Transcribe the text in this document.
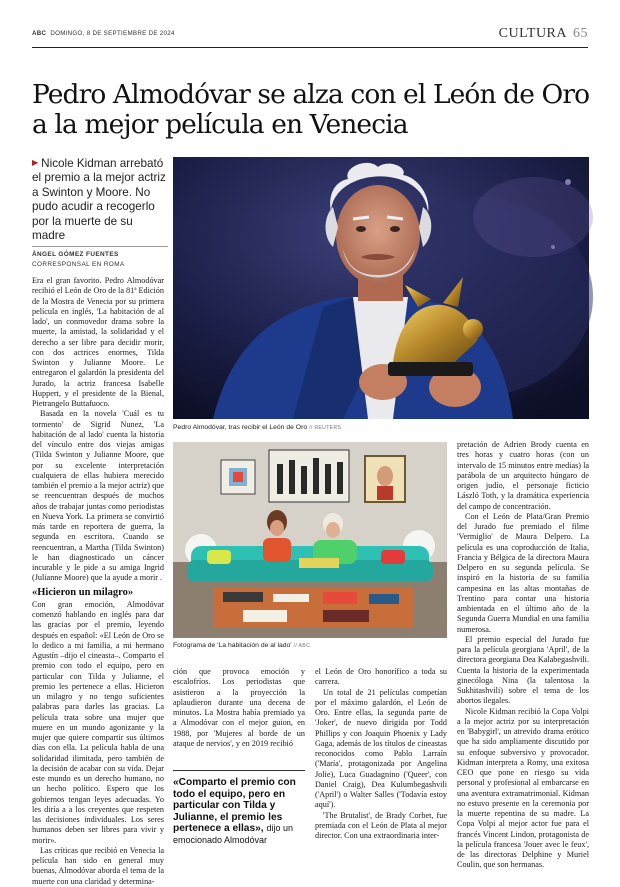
ABC DOMINGO, 8 DE SEPTIEMBRE DE 2024	CULTURA 65
Pedro Almodóvar se alza con el León de Oro a la mejor película en Venecia
▶ Nicole Kidman arrebató el premio a la mejor actriz a Swinton y Moore. No pudo acudir a recogerlo por la muerte de su madre
ÁNGEL GÓMEZ FUENTES
CORRESPONSAL EN ROMA

Era el gran favorito. Pedro Almodóvar recibió el León de Oro de la 81ª Edición de la Mostra de Venecia por su primera película en inglés, 'La habitación de al lado', un conmovedor drama sobre la muerte, la amistad, la solidaridad y el derecho a ser libre para decidir morir, con dos actrices enormes, Tilda Swinton y Julianne Moore. Le entregaron el galardón la presidenta del Jurado, la actriz francesa Isabelle Huppert, y el presidente de la Bienal, Pietrangelo Buttafuoco.

Basada en la novela 'Cuál es tu tormento' de Sigrid Nunez, 'La habitación de al lado' cuenta la historia del vínculo entre dos viejas amigas (Tilda Swinton y Julianne Moore, que por su excelente interpretación cualquiera de ellas hubiera merecido también el premio a la mejor actriz) que se reencuentran después de muchos años de trabajar juntas como periodistas en Nueva York. La primera se convirtió más tarde en reportera de guerra, la segunda en escritora. Cuando se reencuentran, a Martha (Tilda Swinton) le han diagnosticado un cáncer incurable y le pide a su amiga Ingrid (Julianne Moore) que la ayude a morir .

«Hicieron un milagro»

Con gran emoción, Almodóvar comenzó hablando en inglés para dar las gracias por el premio, leyendo después en español: «El León de Oro se lo dedico a mi familia, a mi hermano Agustín –dijo el cineasta–. Comparto el premio con todo el equipo, pero en particular con Tilda y Julianne, el premio les pertenece a ellas. Hicieron un milagro y no tengo suficientes palabras para darles las gracias. La película trata sobre una mujer que muere en un mundo agonizante y la mujer que quiere compartir sus últimos días con ella. La película habla de una solidaridad ilimitada, pero también de la decisión de acabar con su vida. Dejar este mundo es un derecho humano, no un hecho político. Espero que los gobiernos tengan leyes adecuadas. Yo les diría a a los creyentes que respeten las decisiones individuales. Los seres humanos deben ser libres para vivir y morir».

Las críticas que recibió en Venecia la película han sido en general muy buenas, Almodóvar aborda el tema de la muerte con una claridad y determina-

Pedro Almodóvar, tras recibir el León de Oro // REUTERS
Fotograma de 'La habitación de al lado' // ABC

ción que provoca emoción y escalofríos. Los periodistas que asistieron a la proyección la aplaudieron durante una decena de minutos. La Mostra había premiado ya a Almodóvar con el mejor guion, en 1988, por 'Mujeres al borde de un ataque de nervios', y en 2019 recibió

«Comparto el premio con todo el equipo, pero en particular con Tilda y Julianne, el premio les pertenece a ellas», dijo un emocionado Almodóvar

el León de Oro honorífico a toda su carrera.

Un total de 21 películas competían por el máximo galardón, el León de Oro. Entre ellas, la segunda parte de 'Joker', de nuevo dirigida por Todd Phillips y con Joaquin Phoenix y Lady Gaga, además de los títulos de cineastas reconocidos como Pablo Larraín ('María', protagonizada por Angelina Jolie), Luca Guadagnino ('Queer', con Daniel Craig), Dea Kulumbegashvili ('April') o Walter Salles ('Todavía estoy aquí').

'The Brutalist', de Brady Corbet, fue premiada con el León de Plata al mejor director. Con una extraordinaria inter-

pretación de Adrien Brody cuenta en tres horas y cuatro horas (con un intervalo de 15 minutos entre medias) la parábola de un arquitecto húngaro de origen judío, el personaje ficticio László Toth, y la dramática experiencia del campo de concentración.

Con el León de Plata/Gran Premio del Jurado fue premiado el filme 'Vermiglio' de Maura Delpero. La película es una coproducción de Italia, Francia y Bélgica de la directora Maura Delpero en su segunda película. Se inspiró en la historia de su familia campesina en las altas montañas de Trentino para contar una historia ambientada en el último año de la Segunda Guerra Mundial en una familia numerosa.

El premio especial del Jurado fue para la película georgiana 'April', de la directora georgiana Dea Kalabegashvili. Cuenta la historia de la experimentada ginecóloga Nina (la talentosa la Sukhitashvili) sobre el tema de los abortos ilegales.

Nicole Kidman recibió la Copa Volpi a la mejor actriz por su interpretación en 'Babygirl', un atrevido drama erótico que ha sido ampliamente discutido por su enfoque subversivo y provocador. Kidman interpreta a Romy, una exitosa CEO que pone en riesgo su vida personal y profesional al embarcarse en una aventura extramatrimonial. Kidman no estuvo presente en la ceremonia por la muerte repentina de su madre. La Copa Volpi al mejor actor fue para el francés Vincent Lindon, protagonista de la película francesa 'Jouer avec le feux', de las directoras Delphine y Muriel Coulin, que son hermanas.
